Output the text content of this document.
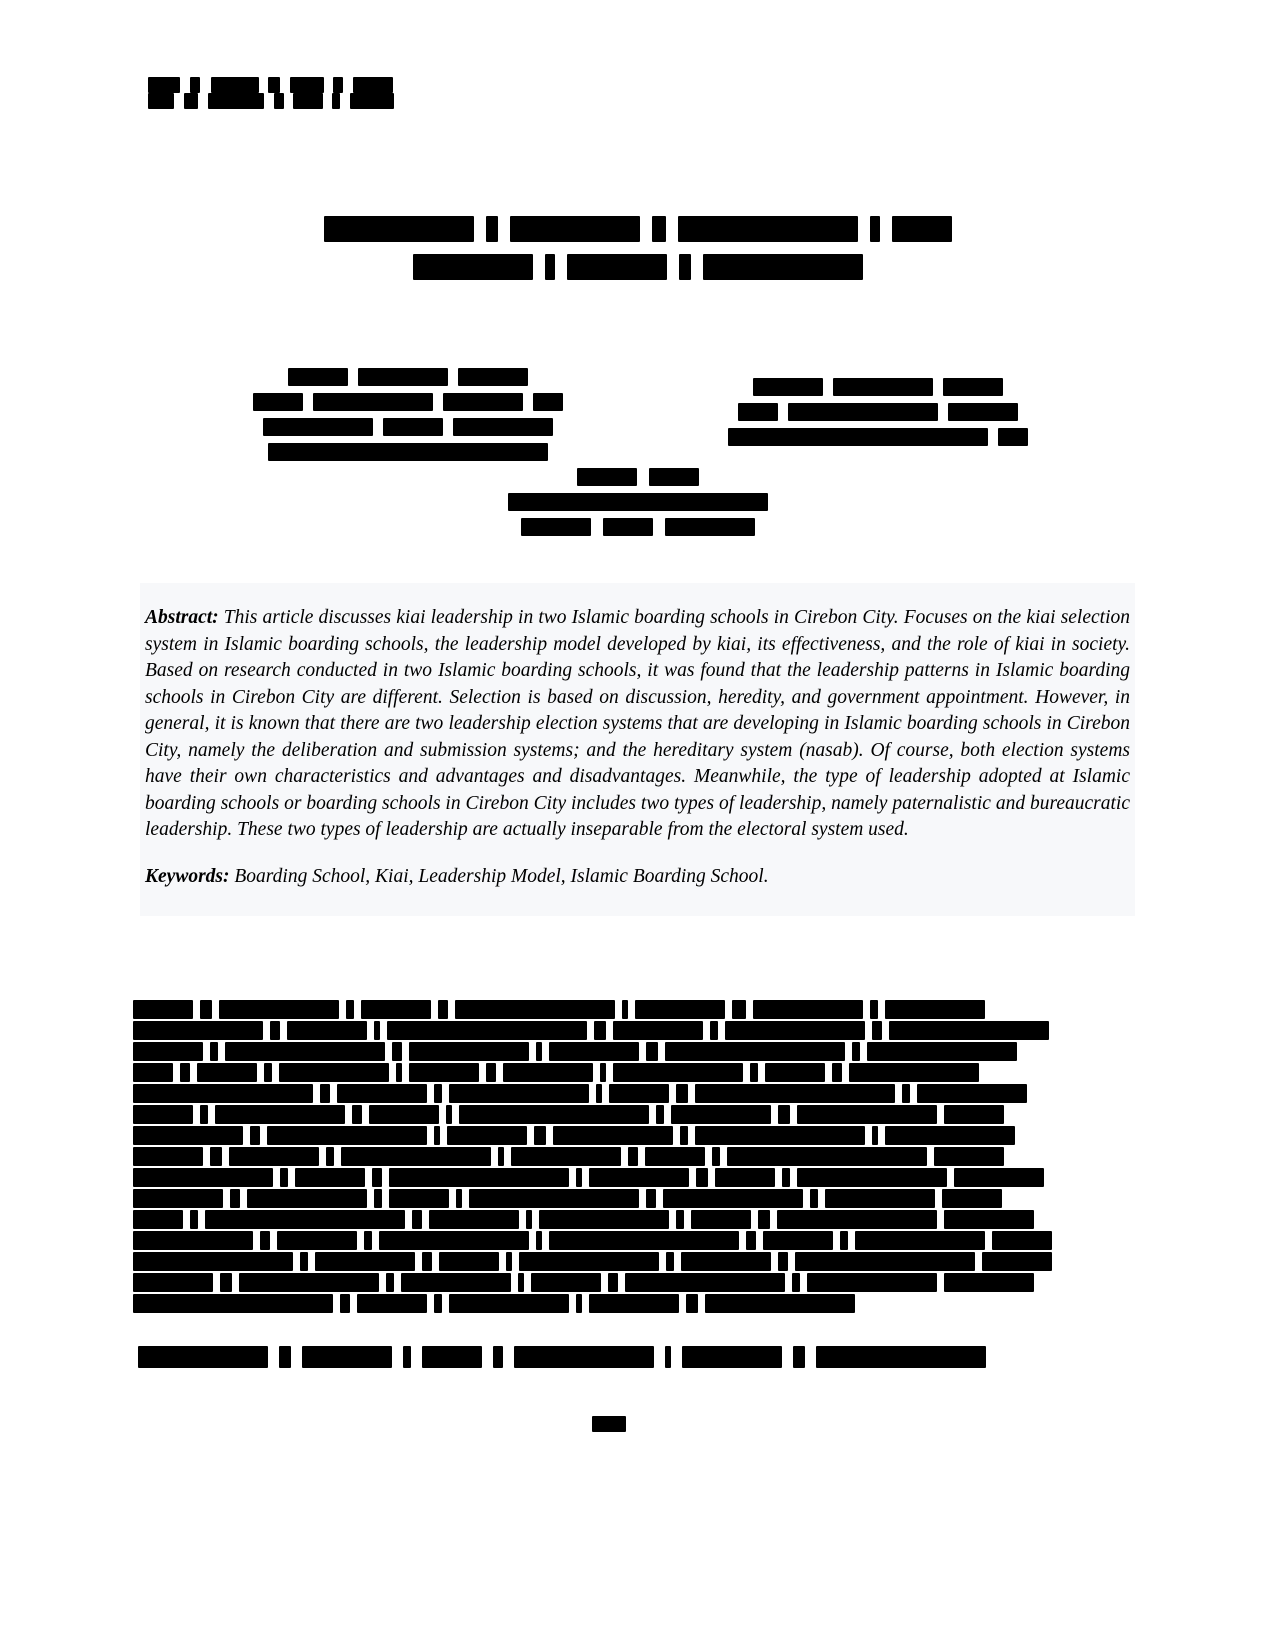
Abstract: This article discusses kiai leadership in two Islamic boarding schools in Cirebon City. Focuses on the kiai selection system in Islamic boarding schools, the leadership model developed by kiai, its effectiveness, and the role of kiai in society. Based on research conducted in two Islamic boarding schools, it was found that the leadership patterns in Islamic boarding schools in Cirebon City are different. Selection is based on discussion, heredity, and government appointment. However, in general, it is known that there are two leadership election systems that are developing in Islamic boarding schools in Cirebon City, namely the deliberation and submission systems; and the hereditary system (nasab). Of course, both election systems have their own characteristics and advantages and disadvantages. Meanwhile, the type of leadership adopted at Islamic boarding schools or boarding schools in Cirebon City includes two types of leadership, namely paternalistic and bureaucratic leadership. These two types of leadership are actually inseparable from the electoral system used.

Keywords: Boarding School, Kiai, Leadership Model, Islamic Boarding School.
